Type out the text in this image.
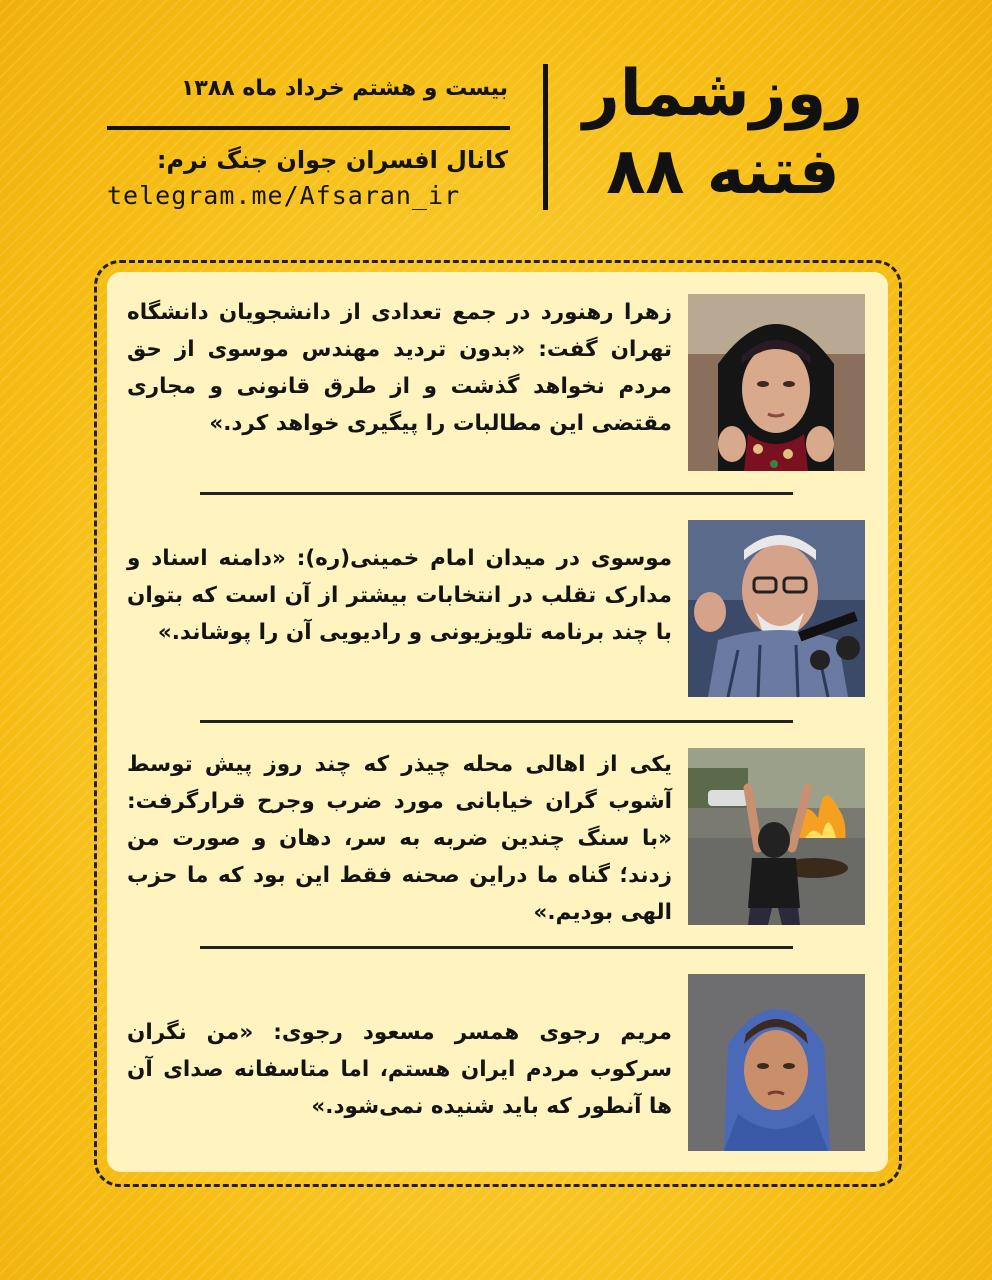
روزشمار
فتنه ۸۸
بیست و هشتم خرداد ماه ۱۳۸۸
کانال افسران جوان جنگ نرم:
telegram.me/Afsaran_ir
زهرا رهنورد در جمع تعدادی از دانشجویان دانشگاه تهران گفت: «بدون تردید مهندس موسوی از حق مردم نخواهد گذشت و از طرق قانونی و مجاری مقتضی این مطالبات را پیگیری خواهد کرد.»
موسوی در میدان امام خمینی(ره): «دامنه اسناد و مدارک تقلب در انتخابات بیشتر از آن است که بتوان با چند برنامه تلویزیونی و رادیویی آن را پوشاند.»
یکی از اهالی محله چیذر که چند روز پیش توسط آشوب گران خیابانی مورد ضرب وجرح قرارگرفت: «با سنگ چندین ضربه به سر، دهان و صورت من زدند؛ گناه ما دراین صحنه فقط این بود که ما حزب الهی بودیم.»
مریم رجوی همسر مسعود رجوی: «من نگران سرکوب مردم ایران هستم، اما متاسفانه صدای آن ها آنطور که باید شنیده نمی‌شود.»
